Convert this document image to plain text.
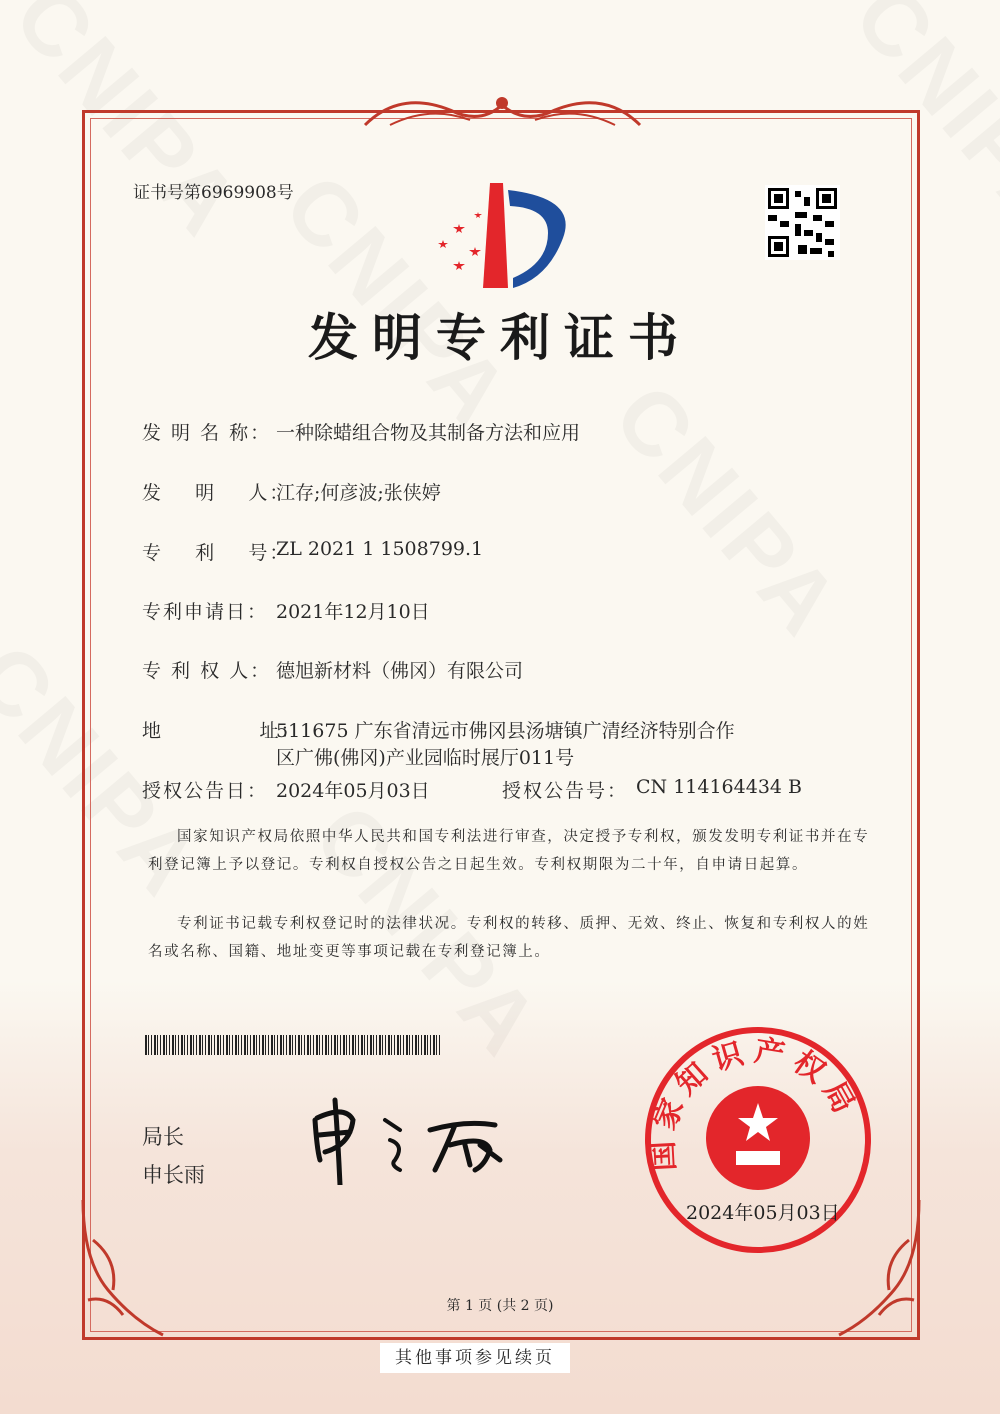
证书号第6969908号
发明专利证书
发 明 名 称： 一种除蜡组合物及其制备方法和应用
发    明    人：
江存;何彦波;张侠婷
专    利    号：
ZL 2021 1 1508799.1
专利申请日： 2021年12月10日
专 利 权 人： 德旭新材料（佛冈）有限公司
地            址：
511675 广东省清远市佛冈县汤塘镇广清经济特别合作
区广佛(佛冈)产业园临时展厅011号
授权公告日： 2024年05月03日	授权公告号： CN 114164434 B
国家知识产权局依照中华人民共和国专利法进行审查，决定授予专利权，颁发发明专利证书并在专利登记簿上予以登记。专利权自授权公告之日起生效。专利权期限为二十年，自申请日起算。
专利证书记载专利权登记时的法律状况。专利权的转移、质押、无效、终止、恢复和专利权人的姓名或名称、国籍、地址变更等事项记载在专利登记簿上。
局长
申长雨
家知识产权局
2024年05月03日
第 1 页 (共 2 页)
其他事项参见续页
